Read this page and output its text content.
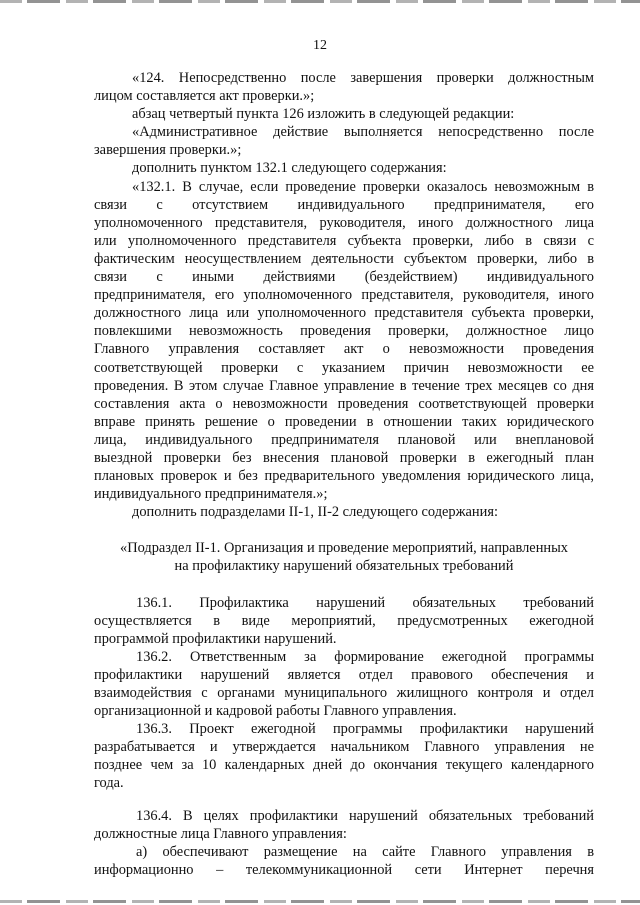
12
«124. Непосредственно после завершения проверки должностным
лицом составляется акт проверки.»;
абзац четвертый пункта 126 изложить в следующей редакции:
«Административное действие выполняется непосредственно после
завершения проверки.»;
дополнить пунктом 132.1 следующего содержания:
«132.1. В случае, если проведение проверки оказалось невозможным в
связи с отсутствием индивидуального предпринимателя, его
уполномоченного представителя, руководителя, иного должностного лица
или уполномоченного представителя субъекта проверки, либо в связи с
фактическим неосуществлением деятельности субъектом проверки, либо в
связи с иными действиями (бездействием) индивидуального
предпринимателя, его уполномоченного представителя, руководителя, иного
должностного лица или уполномоченного представителя субъекта проверки,
повлекшими невозможность проведения проверки, должностное лицо
Главного управления составляет акт о невозможности проведения
соответствующей проверки с указанием причин невозможности ее
проведения. В этом случае Главное управление в течение трех месяцев со дня
составления акта о невозможности проведения соответствующей проверки
вправе принять решение о проведении в отношении таких юридического
лица, индивидуального предпринимателя плановой или внеплановой
выездной проверки без внесения плановой проверки в ежегодный план
плановых проверок и без предварительного уведомления юридического лица,
индивидуального предпринимателя.»;
дополнить подразделами II-1, II-2 следующего содержания:
«Подраздел II-1. Организация и проведение мероприятий, направленных
на профилактику нарушений обязательных требований
136.1. Профилактика нарушений обязательных требований
осуществляется в виде мероприятий, предусмотренных ежегодной
программой профилактики нарушений.
136.2. Ответственным за формирование ежегодной программы
профилактики нарушений является отдел правового обеспечения и
взаимодействия с органами муниципального жилищного контроля и отдел
организационной и кадровой работы Главного управления.
136.3. Проект ежегодной программы профилактики нарушений
разрабатывается и утверждается начальником Главного управления не
позднее чем за 10 календарных дней до окончания текущего календарного
года.
136.4. В целях профилактики нарушений обязательных требований
должностные лица Главного управления:
а) обеспечивают размещение на сайте Главного управления в
информационно – телекоммуникационной сети Интернет перечня
